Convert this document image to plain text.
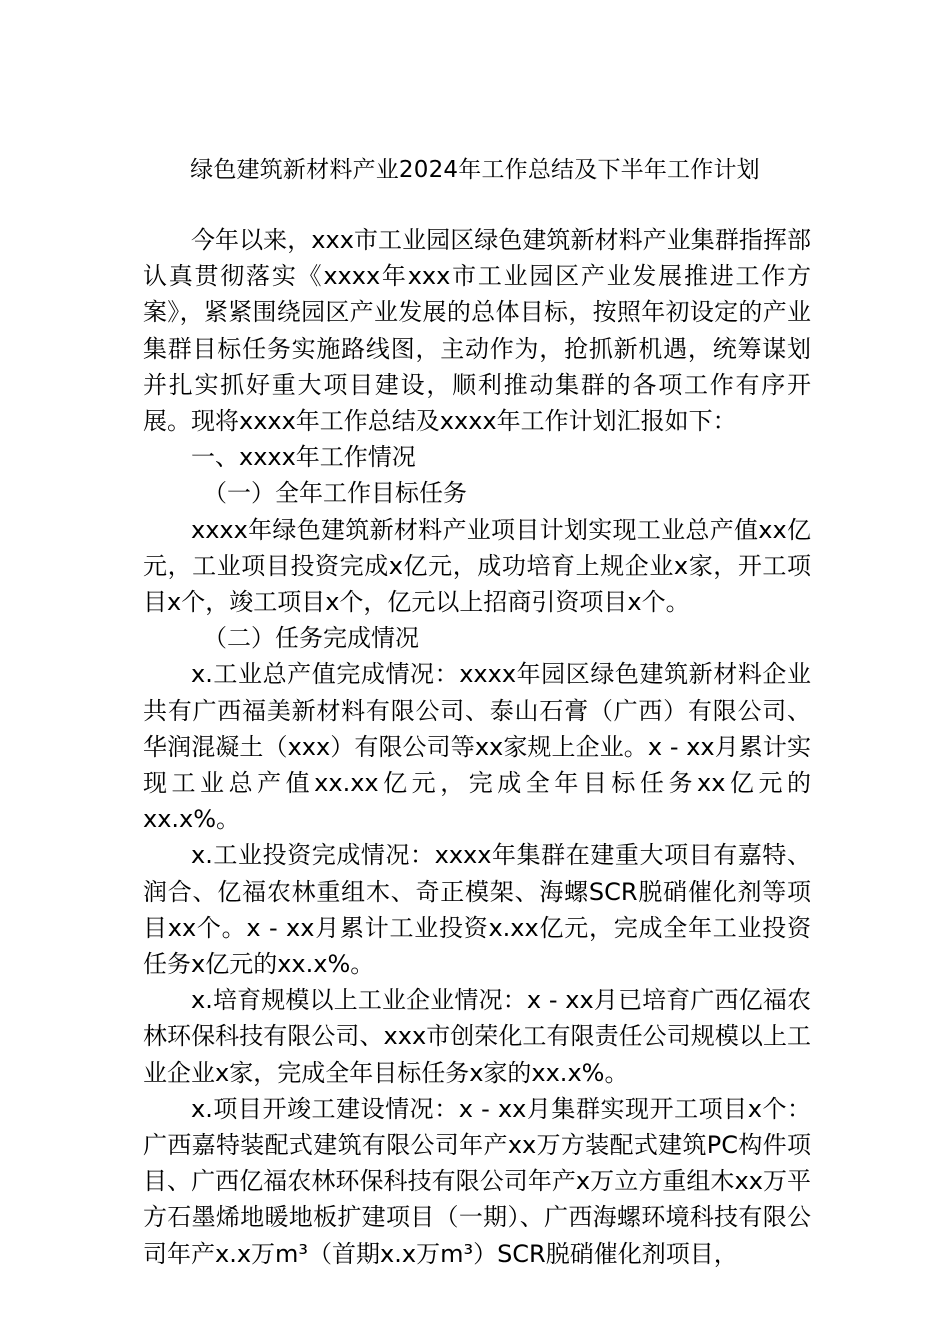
绿色建筑新材料产业2024年工作总结及下半年工作计划

今年以来，xxx市工业园区绿色建筑新材料产业集群指挥部认真贯彻落实《xxxx年xxx市工业园区产业发展推进工作方案》，紧紧围绕园区产业发展的总体目标，按照年初设定的产业集群目标任务实施路线图，主动作为，抢抓新机遇，统筹谋划并扎实抓好重大项目建设，顺利推动集群的各项工作有序开展。现将xxxx年工作总结及xxxx年工作计划汇报如下：

一、xxxx年工作情况

（一）全年工作目标任务

xxxx年绿色建筑新材料产业项目计划实现工业总产值xx亿元，工业项目投资完成x亿元，成功培育上规企业x家，开工项目x个，竣工项目x个，亿元以上招商引资项目x个。

（二）任务完成情况

x.工业总产值完成情况：xxxx年园区绿色建筑新材料企业共有广西福美新材料有限公司、泰山石膏（广西）有限公司、华润混凝土（xxx）有限公司等xx家规上企业。x - xx月累计实现工业总产值xx.xx亿元，完成全年目标任务xx亿元的xx.x%。

x.工业投资完成情况：xxxx年集群在建重大项目有嘉特、润合、亿福农林重组木、奇正模架、海螺SCR脱硝催化剂等项目xx个。x - xx月累计工业投资x.xx亿元，完成全年工业投资任务x亿元的xx.x%。

x.培育规模以上工业企业情况：x - xx月已培育广西亿福农林环保科技有限公司、xxx市创荣化工有限责任公司规模以上工业企业x家，完成全年目标任务x家的xx.x%。

x.项目开竣工建设情况：x - xx月集群实现开工项目x个：广西嘉特装配式建筑有限公司年产xx万方装配式建筑PC构件项目、广西亿福农林环保科技有限公司年产x万立方重组木xx万平方石墨烯地暖地板扩建项目（一期）、广西海螺环境科技有限公司年产x.x万m³（首期x.x万m³）SCR脱硝催化剂项目，
